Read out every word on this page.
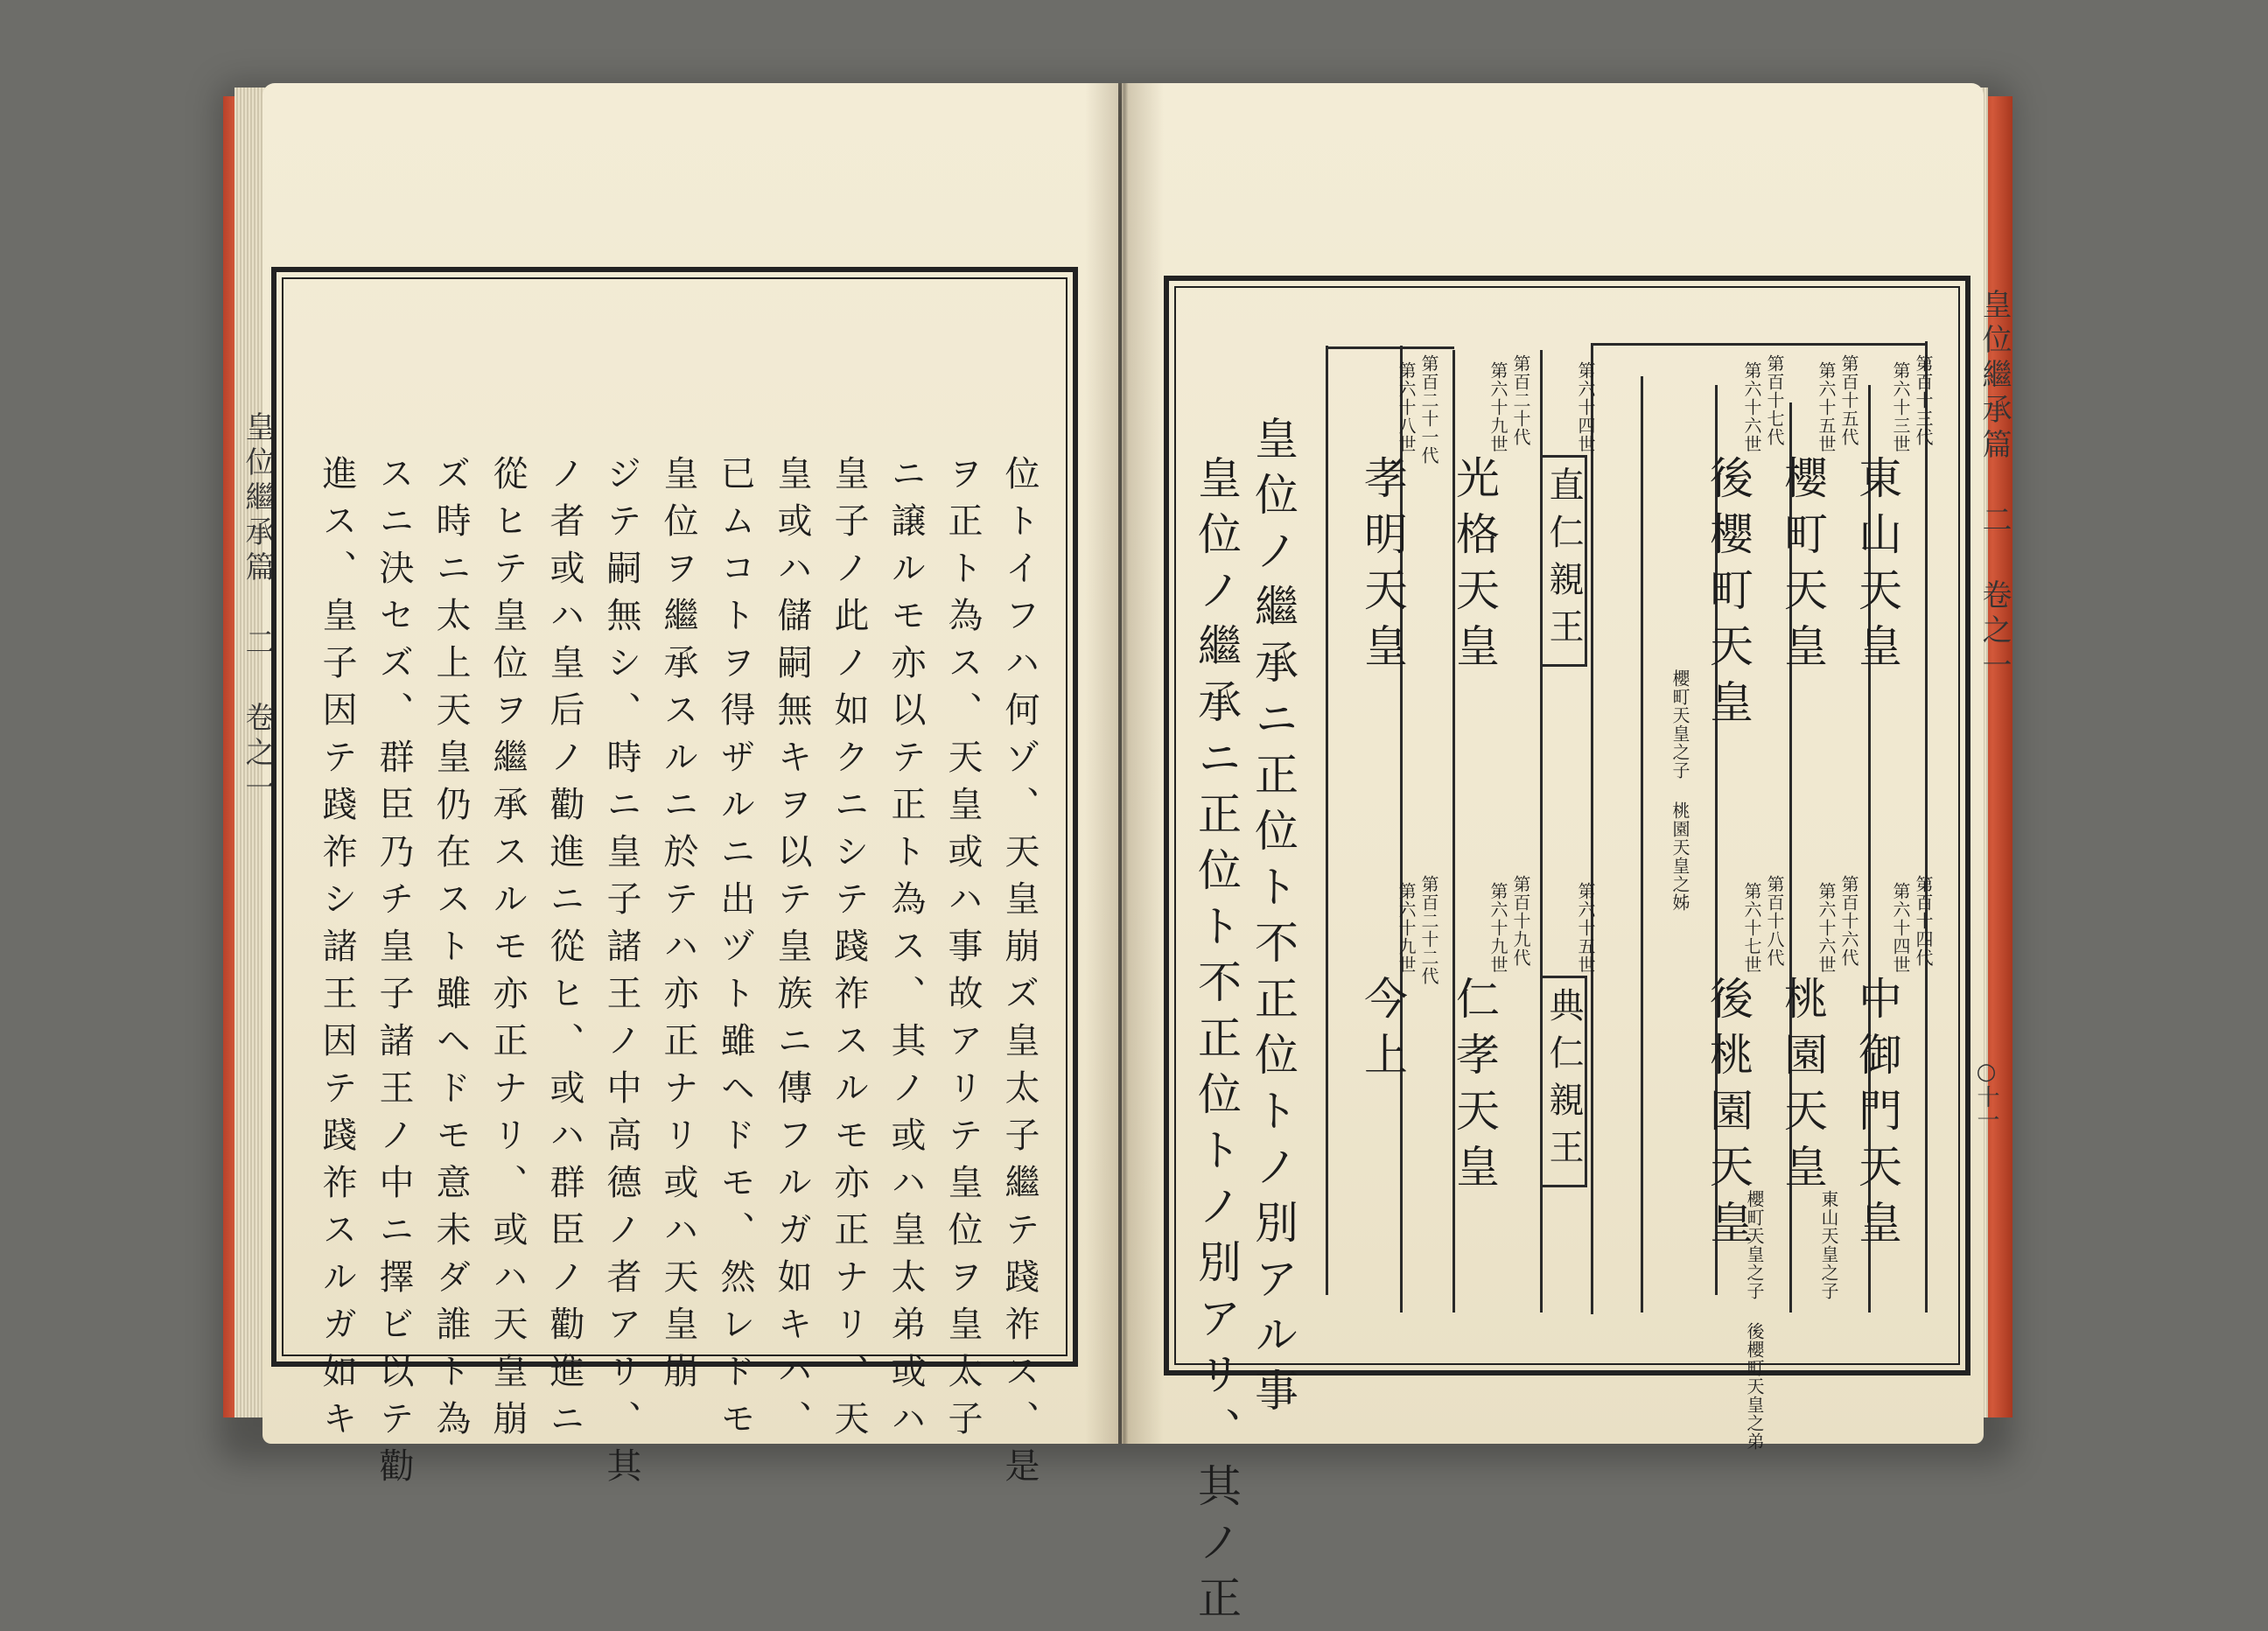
皇位繼承篇 二 卷之一	位トイフハ何ゾ、天皇崩ズ皇太子繼テ踐祚ス、是
ヲ正ト為ス、天皇或ハ事故アリテ皇位ヲ皇太子
ニ譲ルモ亦以テ正ト為ス、其ノ或ハ皇太弟或ハ
皇子ノ此ノ如クニシテ踐祚スルモ亦正ナリ、天
皇或ハ儲嗣無キヲ以テ皇族ニ傳フルガ如キハ、
已ムコトヲ得ザルニ出ヅト雖ヘドモ、然レドモ
皇位ヲ繼承スルニ於テハ亦正ナリ或ハ天皇崩
ジテ嗣無シ、時ニ皇子諸王ノ中高德ノ者アリ、其
ノ者或ハ皇后ノ勸進ニ從ヒ、或ハ群臣ノ勸進ニ
從ヒテ皇位ヲ繼承スルモ亦正ナリ、或ハ天皇崩
ズ時ニ太上天皇仍在スト雖ヘドモ意未ダ誰ト為
スニ決セズ、群臣乃チ皇子諸王ノ中ニ擇ビ以テ勸
進ス、皇子因テ踐祚シ諸王因テ踐祚スルガ如キ	皇位繼承篇 二 卷之一
○十一
第百十三代
第六十三世
東山天皇
第百十五代
第六十五世
櫻町天皇
第百十七代
第六十六世
後櫻町天皇
櫻町天皇之子 桃園天皇之姊
第六十四世
直仁親王
第百二十代
第六十九世
光格天皇
第百二十一代
第六十八世
孝明天皇
第百十四代
第六十四世
中御門天皇
東山天皇之子
第百十六代
第六十六世
桃園天皇
櫻町天皇之子 後櫻町天皇之弟
第百十八代
第六十七世
後桃園天皇
第六十五世
典仁親王
第百十九代
第六十九世
仁孝天皇
第百二十二代
第六十九世
今上
皇位ノ繼承ニ正位ト不正位トノ別アル事
皇位ノ繼承ニ正位ト不正位トノ別アリ、其ノ正
